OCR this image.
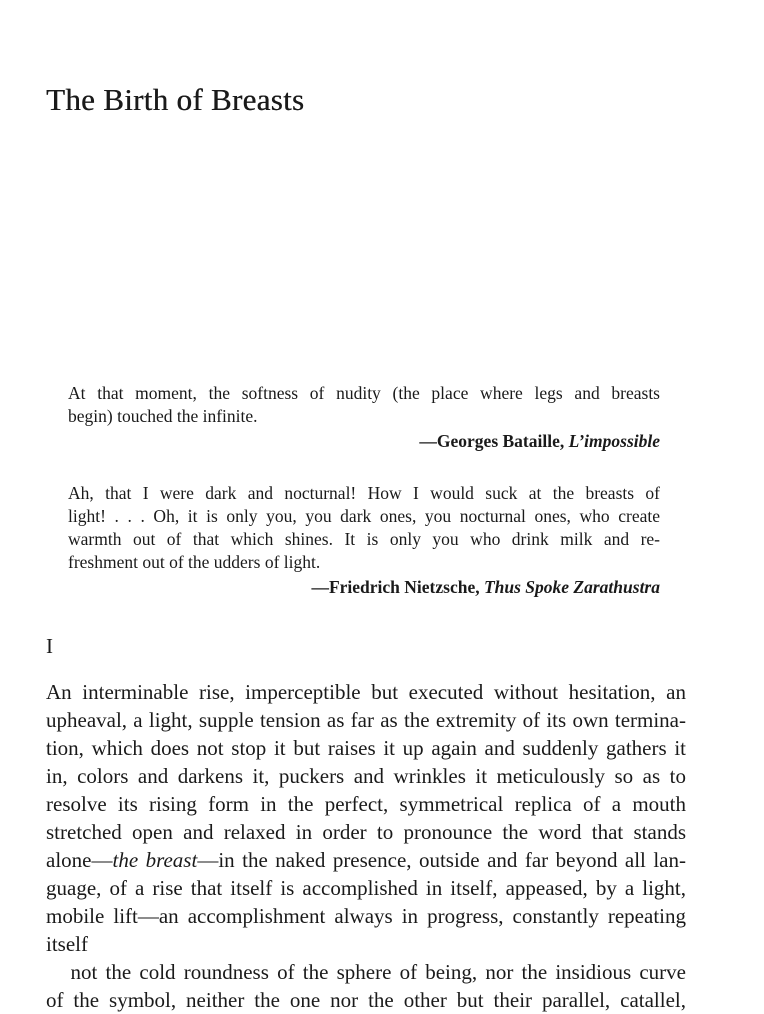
The Birth of Breasts

At that moment, the softness of nudity (the place where legs and breasts

begin) touched the infinite.

—Georges Bataille, L’impossible

Ah, that I were dark and nocturnal! How I would suck at the breasts of

light! . . . Oh, it is only you, you dark ones, you nocturnal ones, who create

warmth out of that which shines. It is only you who drink milk and re-

freshment out of the udders of light.

—Friedrich Nietzsche, Thus Spoke Zarathustra

I
An interminable rise, imperceptible but executed without hesitation, an
upheaval, a light, supple tension as far as the extremity of its own termina-
tion, which does not stop it but raises it up again and suddenly gathers it
in, colors and darkens it, puckers and wrinkles it meticulously so as to
resolve its rising form in the perfect, symmetrical replica of a mouth
stretched open and relaxed in order to pronounce the word that stands
alone—the breast—in the naked presence, outside and far beyond all lan-
guage, of a rise that itself is accomplished in itself, appeased, by a light,
mobile lift—an accomplishment always in progress, constantly repeating
itself
not the cold roundness of the sphere of being, nor the insidious curve
of the symbol, neither the one nor the other but their parallel, catallel,
